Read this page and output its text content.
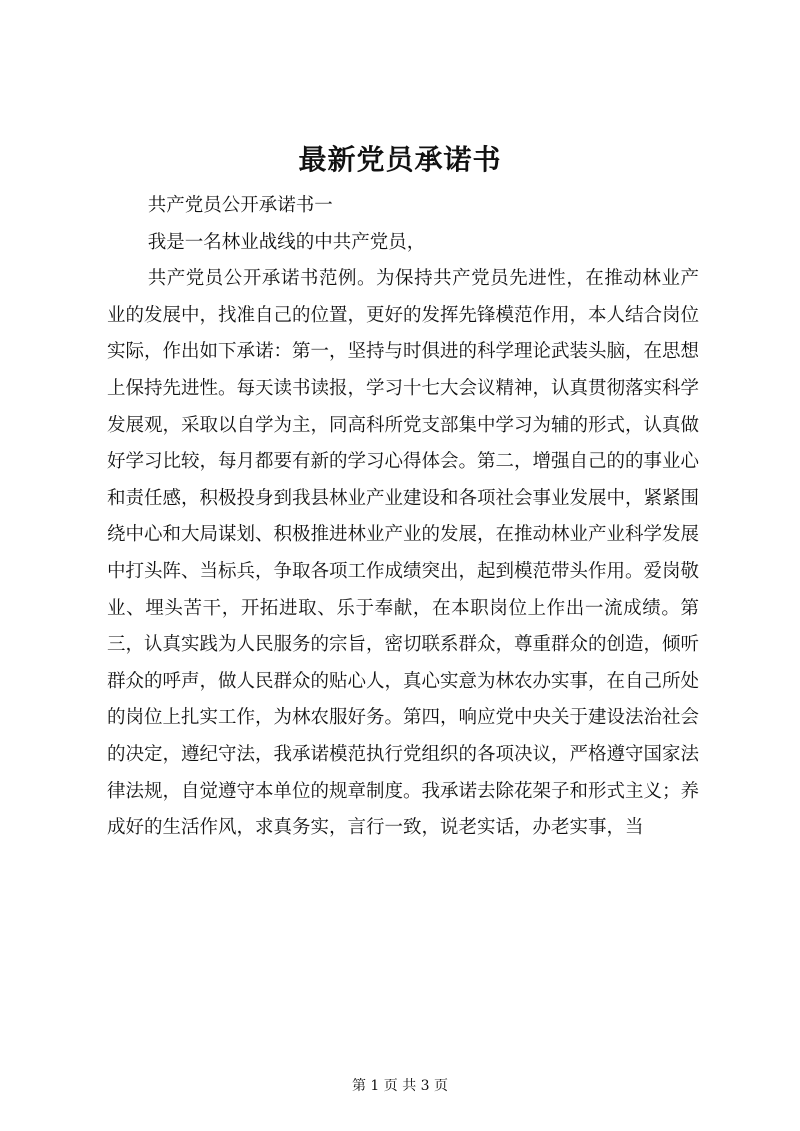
最新党员承诺书

共产党员公开承诺书一

我是一名林业战线的中共产党员，

共产党员公开承诺书范例。为保持共产党员先进性，在推动林业产业的发展中，找准自己的位置，更好的发挥先锋模范作用，本人结合岗位实际，作出如下承诺：第一，坚持与时俱进的科学理论武装头脑，在思想上保持先进性。每天读书读报，学习十七大会议精神，认真贯彻落实科学发展观，采取以自学为主，同高科所党支部集中学习为辅的形式，认真做好学习比较，每月都要有新的学习心得体会。第二，增强自己的的事业心和责任感，积极投身到我县林业产业建设和各项社会事业发展中，紧紧围绕中心和大局谋划、积极推进林业产业的发展，在推动林业产业科学发展中打头阵、当标兵，争取各项工作成绩突出，起到模范带头作用。爱岗敬业、埋头苦干，开拓进取、乐于奉献，在本职岗位上作出一流成绩。第三，认真实践为人民服务的宗旨，密切联系群众，尊重群众的创造，倾听群众的呼声，做人民群众的贴心人，真心实意为林农办实事，在自己所处的岗位上扎实工作，为林农服好务。第四，响应党中央关于建设法治社会的决定，遵纪守法，我承诺模范执行党组织的各项决议，严格遵守国家法律法规，自觉遵守本单位的规章制度。我承诺去除花架子和形式主义；养成好的生活作风，求真务实，言行一致，说老实话，办老实事，当

第 1 页 共 3 页
